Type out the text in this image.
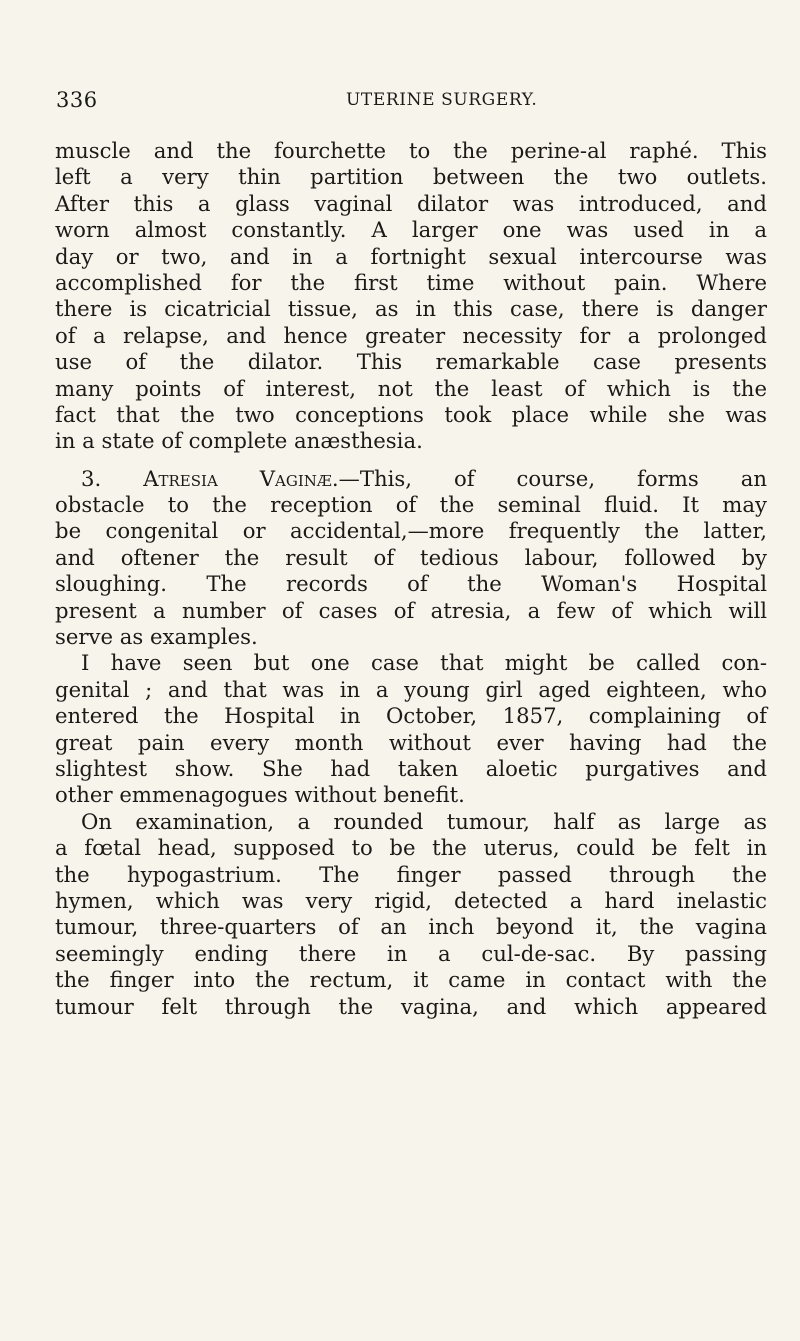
336	UTERINE SURGERY.
muscle and the fourchette to the perine-al raphé. This
left a very thin partition between the two outlets.
After this a glass vaginal dilator was introduced, and
worn almost constantly. A larger one was used in a
day or two, and in a fortnight sexual intercourse was
accomplished for the first time without pain. Where
there is cicatricial tissue, as in this case, there is danger
of a relapse, and hence greater necessity for a prolonged
use of the dilator. This remarkable case presents
many points of interest, not the least of which is the
fact that the two conceptions took place while she was
in a state of complete anæsthesia.
3. Atresia Vaginæ.—This, of course, forms an
obstacle to the reception of the seminal fluid. It may
be congenital or accidental,—more frequently the latter,
and oftener the result of tedious labour, followed by
sloughing. The records of the Woman's Hospital
present a number of cases of atresia, a few of which will
serve as examples.
I have seen but one case that might be called con-
genital ; and that was in a young girl aged eighteen, who
entered the Hospital in October, 1857, complaining of
great pain every month without ever having had the
slightest show. She had taken aloetic purgatives and
other emmenagogues without benefit.
On examination, a rounded tumour, half as large as
a fœtal head, supposed to be the uterus, could be felt in
the hypogastrium. The finger passed through the
hymen, which was very rigid, detected a hard inelastic
tumour, three-quarters of an inch beyond it, the vagina
seemingly ending there in a cul-de-sac. By passing
the finger into the rectum, it came in contact with the
tumour felt through the vagina, and which appeared
